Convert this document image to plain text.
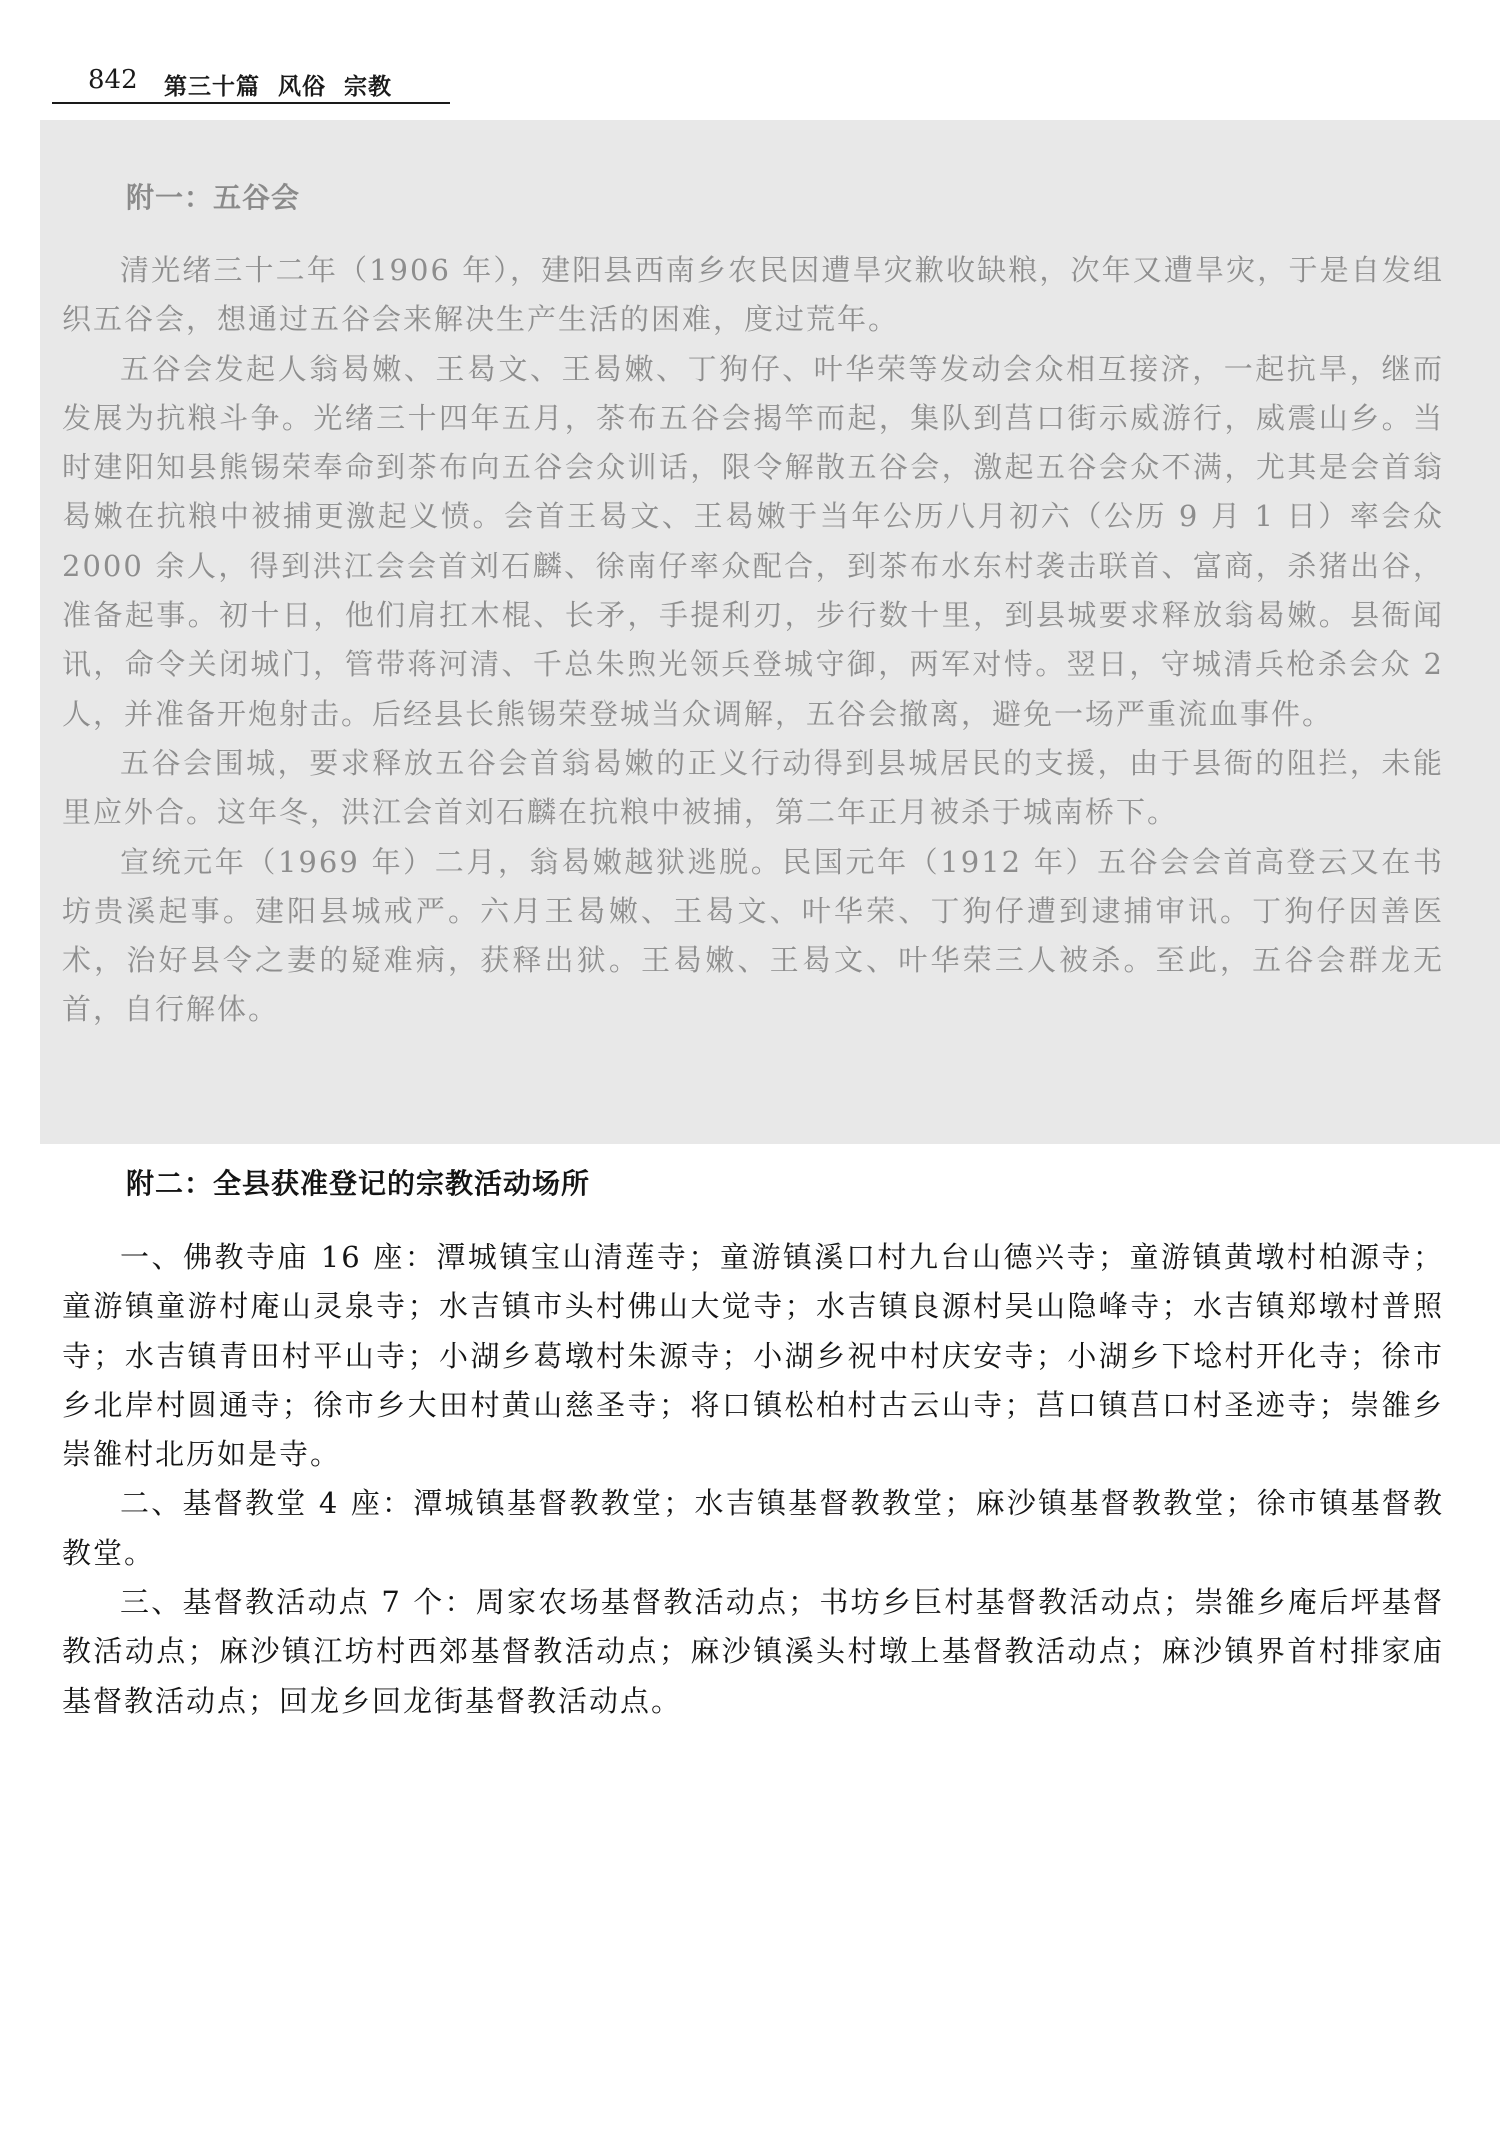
842 第三十篇  风俗  宗教
附一：五谷会

清光绪三十二年（1906 年），建阳县西南乡农民因遭旱灾歉收缺粮，次年又遭旱灾，于是自发组织五谷会，想通过五谷会来解决生产生活的困难，度过荒年。

五谷会发起人翁曷嫩、王曷文、王曷嫩、丁狗仔、叶华荣等发动会众相互接济，一起抗旱，继而发展为抗粮斗争。光绪三十四年五月，茶布五谷会揭竿而起，集队到莒口街示威游行，威震山乡。当时建阳知县熊锡荣奉命到茶布向五谷会众训话，限令解散五谷会，激起五谷会众不满，尤其是会首翁曷嫩在抗粮中被捕更激起义愤。会首王曷文、王曷嫩于当年公历八月初六（公历 9 月 1 日）率会众 2000 余人，得到洪江会会首刘石麟、徐南仔率众配合，到茶布水东村袭击联首、富商，杀猪出谷，准备起事。初十日，他们肩扛木棍、长矛，手提利刃，步行数十里，到县城要求释放翁曷嫩。县衙闻讯，命令关闭城门，管带蒋河清、千总朱煦光领兵登城守御，两军对恃。翌日，守城清兵枪杀会众 2 人，并准备开炮射击。后经县长熊锡荣登城当众调解，五谷会撤离，避免一场严重流血事件。

五谷会围城，要求释放五谷会首翁曷嫩的正义行动得到县城居民的支援，由于县衙的阻拦，未能里应外合。这年冬，洪江会首刘石麟在抗粮中被捕，第二年正月被杀于城南桥下。

宣统元年（1969 年）二月，翁曷嫩越狱逃脱。民国元年（1912 年）五谷会会首高登云又在书坊贵溪起事。建阳县城戒严。六月王曷嫩、王曷文、叶华荣、丁狗仔遭到逮捕审讯。丁狗仔因善医术，治好县令之妻的疑难病，获释出狱。王曷嫩、王曷文、叶华荣三人被杀。至此，五谷会群龙无首，自行解体。

附二：全县获准登记的宗教活动场所

一、佛教寺庙 16 座：潭城镇宝山清莲寺；童游镇溪口村九台山德兴寺；童游镇黄墩村柏源寺；童游镇童游村庵山灵泉寺；水吉镇市头村佛山大觉寺；水吉镇良源村吴山隐峰寺；水吉镇郑墩村普照寺；水吉镇青田村平山寺；小湖乡葛墩村朱源寺；小湖乡祝中村庆安寺；小湖乡下埝村开化寺；徐市乡北岸村圆通寺；徐市乡大田村黄山慈圣寺；将口镇松柏村古云山寺；莒口镇莒口村圣迹寺；崇雒乡崇雒村北历如是寺。

二、基督教堂 4 座：潭城镇基督教教堂；水吉镇基督教教堂；麻沙镇基督教教堂；徐市镇基督教教堂。

三、基督教活动点 7 个：周家农场基督教活动点；书坊乡巨村基督教活动点；崇雒乡庵后坪基督教活动点；麻沙镇江坊村西郊基督教活动点；麻沙镇溪头村墩上基督教活动点；麻沙镇界首村排家庙基督教活动点；回龙乡回龙街基督教活动点。
